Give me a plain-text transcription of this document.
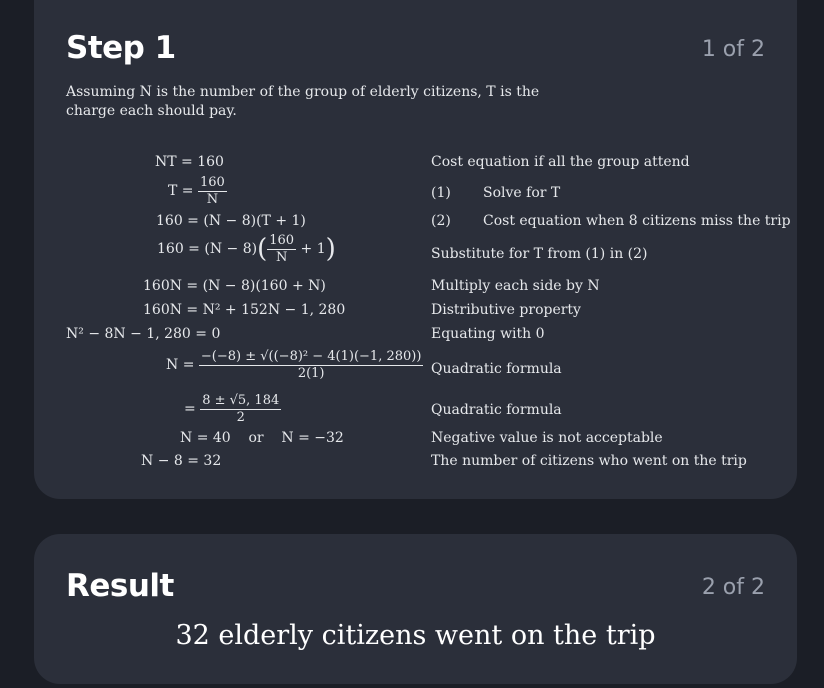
Step 1	1 of 2
Assuming N is the number of the group of elderly citizens, T is the charge each should pay.
NT = 160	Cost equation if all the group attend
$T = \frac{160}{N}$	(1) Solve for T
160 = (N − 8)(T + 1)	(2) Cost equation when 8 citizens miss the trip
$160 = (N - 8)( \frac{160}{N} + 1)$	Substitute for T from (1) in (2)
160N = (N − 8)(160 + N)	Multiply each side by N
160N = N² + 152N − 1, 280	Distributive property
N² − 8N − 1, 280 = 0	Equating with 0
$N = \frac{\text{−(−8) ± √((−8)² − 4(1)(−1, 280))}}{2(1)}$ Quadratic formula
= $\frac{8 \pm √5, 184}{2}$	Quadratic formula
N = 40    or    N = −32	Negative value is not acceptable
N − 8 = 32	The number of citizens who went on the trip
Result	2 of 2
32 elderly citizens went on the trip
